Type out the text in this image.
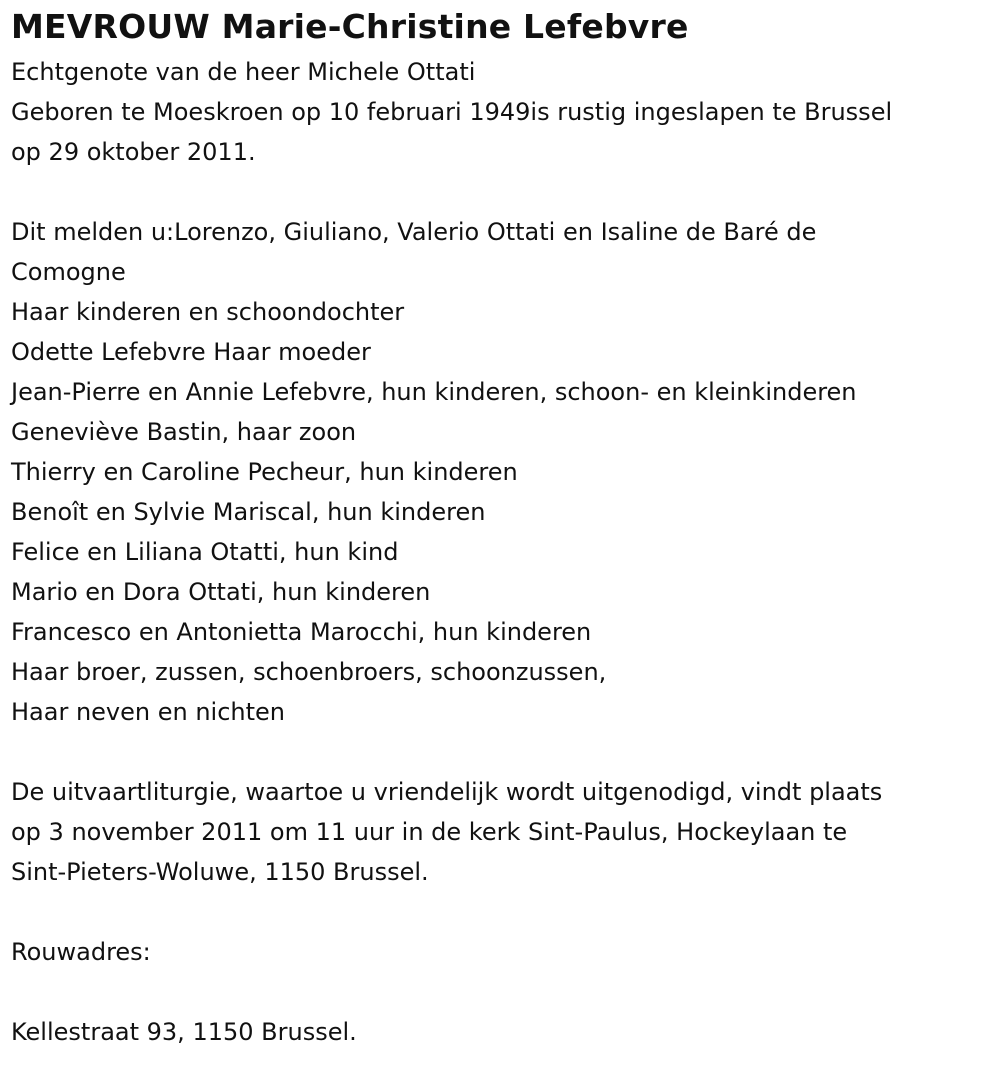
MEVROUW Marie-Christine Lefebvre

Echtgenote van de heer Michele Ottati

Geboren te Moeskroen op 10 februari 1949is rustig ingeslapen te Brussel

op 29 oktober 2011.

Dit melden u:Lorenzo, Giuliano, Valerio Ottati en Isaline de Baré de

Comogne

Haar kinderen en schoondochter

Odette Lefebvre Haar moeder

Jean-Pierre en Annie Lefebvre, hun kinderen, schoon- en kleinkinderen

Geneviève Bastin, haar zoon

Thierry en Caroline Pecheur, hun kinderen

Benoît en Sylvie Mariscal, hun kinderen

Felice en Liliana Otatti, hun kind

Mario en Dora Ottati, hun kinderen

Francesco en Antonietta Marocchi, hun kinderen

Haar broer, zussen, schoenbroers, schoonzussen,

Haar neven en nichten

De uitvaartliturgie, waartoe u vriendelijk wordt uitgenodigd, vindt plaats

op 3 november 2011 om 11 uur in de kerk Sint-Paulus, Hockeylaan te

Sint-Pieters-Woluwe, 1150 Brussel.

Rouwadres:

Kellestraat 93, 1150 Brussel.
